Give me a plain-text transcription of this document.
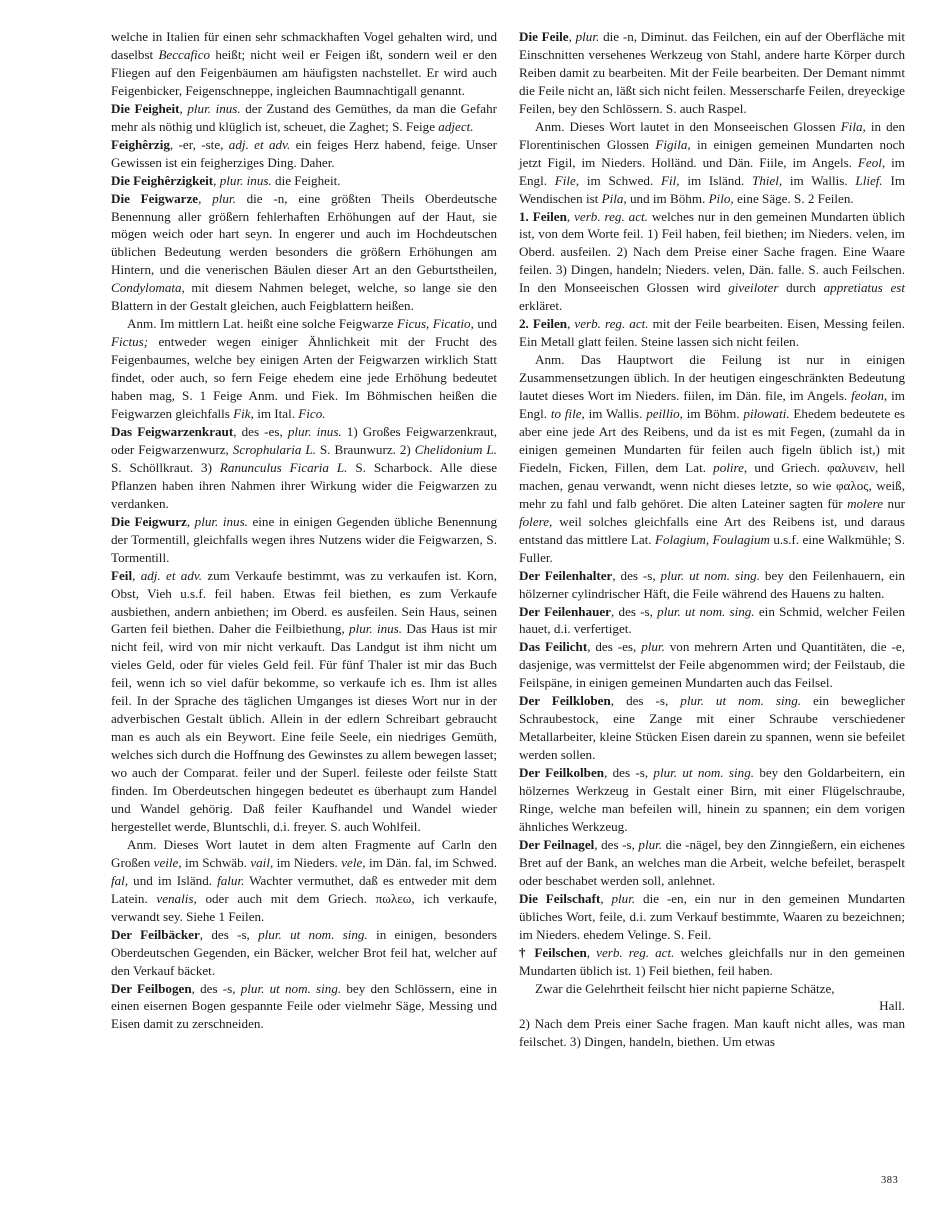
welche in Italien für einen sehr schmackhaften Vogel gehalten wird, und daselbst Beccafico heißt; nicht weil er Feigen ißt, sondern weil er den Fliegen auf den Feigenbäumen am häufigsten nachstellet. Er wird auch Feigenbicker, Feigenschneppe, ingleichen Baumnachtigall genannt.

Die Feigheit, plur. inus. der Zustand des Gemüthes, da man die Gefahr mehr als nöthig und klüglich ist, scheuet, die Zaghet; S. Feige adject.

Feighêrzig, -er, -ste, adj. et adv. ein feiges Herz habend, feige. Unser Gewissen ist ein feigherziges Ding. Daher.

Die Feighêrzigkeit, plur. inus. die Feigheit.

Die Feigwarze, plur. die -n, eine größten Theils Oberdeutsche Benennung aller größern fehlerhaften Erhöhungen auf der Haut, sie mögen weich oder hart seyn. In engerer und auch im Hochdeutschen üblichen Bedeutung werden besonders die größern Erhöhungen am Hintern, und die venerischen Bäulen dieser Art an den Geburtstheilen, Condylomata, mit diesem Nahmen beleget, welche, so lange sie den Blattern in der Gestalt gleichen, auch Feigblattern heißen.

Anm. Im mittlern Lat. heißt eine solche Feigwarze Ficus, Ficatio, und Fictus; entweder wegen einiger Ähnlichkeit mit der Frucht des Feigenbaumes, welche bey einigen Arten der Feigwarzen wirklich Statt findet, oder auch, so fern Feige ehedem eine jede Erhöhung bedeutet haben mag, S. 1 Feige Anm. und Fiek. Im Böhmischen heißen die Feigwarzen gleichfalls Fik, im Ital. Fico.

Das Feigwarzenkraut, des -es, plur. inus. 1) Großes Feigwarzenkraut, oder Feigwarzenwurz, Scrophularia L. S. Braunwurz. 2) Chelidonium L. S. Schöllkraut. 3) Ranunculus Ficaria L. S. Scharbock. Alle diese Pflanzen haben ihren Nahmen ihrer Wirkung wider die Feigwarzen zu verdanken.

Die Feigwurz, plur. inus. eine in einigen Gegenden übliche Benennung der Tormentill, gleichfalls wegen ihres Nutzens wider die Feigwarzen, S. Tormentill.

Feil, adj. et adv. zum Verkaufe bestimmt, was zu verkaufen ist. Korn, Obst, Vieh u.s.f. feil haben. Etwas feil biethen, es zum Verkaufe ausbiethen, andern anbiethen; im Oberd. es ausfeilen. Sein Haus, seinen Garten feil biethen. Daher die Feilbiethung, plur. inus. Das Haus ist mir nicht feil, wird von mir nicht verkauft. Das Landgut ist ihm nicht um vieles Geld, oder für vieles Geld feil. Für fünf Thaler ist mir das Buch feil, wenn ich so viel dafür bekomme, so verkaufe ich es. Ihm ist alles feil. In der Sprache des täglichen Umganges ist dieses Wort nur in der adverbischen Gestalt üblich. Allein in der edlern Schreibart gebraucht man es auch als ein Beywort. Eine feile Seele, ein niedriges Gemüth, welches sich durch die Hoffnung des Gewinstes zu allem bewegen lasset; wo auch der Comparat. feiler und der Superl. feileste oder feilste Statt finden. Im Oberdeutschen hingegen bedeutet es überhaupt zum Handel und Wandel gehörig. Daß feiler Kaufhandel und Wandel wieder hergestellet werde, Bluntschli, d.i. freyer. S. auch Wohlfeil.

Anm. Dieses Wort lautet in dem alten Fragmente auf Carln den Großen veile, im Schwäb. vail, im Nieders. vele, im Dän. fal, im Schwed. fal, und im Isländ. falur. Wachter vermuthet, daß es entweder mit dem Latein. venalis, oder auch mit dem Griech. πωλεω, ich verkaufe, verwandt sey. Siehe 1 Feilen.

Der Feilbäcker, des -s, plur. ut nom. sing. in einigen, besonders Oberdeutschen Gegenden, ein Bäcker, welcher Brot feil hat, welcher auf den Verkauf bäcket.

Der Feilbogen, des -s, plur. ut nom. sing. bey den Schlössern, eine in einen eisernen Bogen gespannte Feile oder vielmehr Säge, Messing und Eisen damit zu zerschneiden.

Die Feile, plur. die -n, Diminut. das Feilchen, ein auf der Oberfläche mit Einschnitten versehenes Werkzeug von Stahl, andere harte Körper durch Reiben damit zu bearbeiten. Mit der Feile bearbeiten. Der Demant nimmt die Feile nicht an, läßt sich nicht feilen. Messerscharfe Feilen, dreyeckige Feilen, bey den Schlössern. S. auch Raspel.

Anm. Dieses Wort lautet in den Monseeischen Glossen Fila, in den Florentinischen Glossen Figila, in einigen gemeinen Mundarten noch jetzt Figil, im Nieders. Holländ. und Dän. Fiile, im Angels. Feol, im Engl. File, im Schwed. Fil, im Isländ. Thiel, im Wallis. Llief. Im Wendischen ist Pila, und im Böhm. Pilo, eine Säge. S. 2 Feilen.

1. Feilen, verb. reg. act. welches nur in den gemeinen Mundarten üblich ist, von dem Worte feil. 1) Feil haben, feil biethen; im Nieders. velen, im Oberd. ausfeilen. 2) Nach dem Preise einer Sache fragen. Eine Waare feilen. 3) Dingen, handeln; Nieders. velen, Dän. falle. S. auch Feilschen. In den Monseeischen Glossen wird giveiloter durch appretiatus est erkläret.

2. Feilen, verb. reg. act. mit der Feile bearbeiten. Eisen, Messing feilen. Ein Metall glatt feilen. Steine lassen sich nicht feilen.

Anm. Das Hauptwort die Feilung ist nur in einigen Zusammensetzungen üblich. In der heutigen eingeschränkten Bedeutung lautet dieses Wort im Nieders. fiilen, im Dän. file, im Angels. feolan, im Engl. to file, im Wallis. peillio, im Böhm. pilowati. Ehedem bedeutete es aber eine jede Art des Reibens, und da ist es mit Fegen, (zumahl da in einigen gemeinen Mundarten für feilen auch figeln üblich ist,) mit Fiedeln, Ficken, Fillen, dem Lat. polire, und Griech. φαλυνειν, hell machen, genau verwandt, wenn nicht dieses letzte, so wie φαλος, weiß, mehr zu fahl und falb gehöret. Die alten Lateiner sagten für molere nur folere, weil solches gleichfalls eine Art des Reibens ist, und daraus entstand das mittlere Lat. Folagium, Foulagium u.s.f. eine Walkmühle; S. Fuller.

Der Feilenhalter, des -s, plur. ut nom. sing. bey den Feilenhauern, ein hölzerner cylindrischer Häft, die Feile während des Hauens zu halten.

Der Feilenhauer, des -s, plur. ut nom. sing. ein Schmid, welcher Feilen hauet, d.i. verfertiget.

Das Feilicht, des -es, plur. von mehrern Arten und Quantitäten, die -e, dasjenige, was vermittelst der Feile abgenommen wird; der Feilstaub, die Feilspäne, in einigen gemeinen Mundarten auch das Feilsel.

Der Feilkloben, des -s, plur. ut nom. sing. ein beweglicher Schraubestock, eine Zange mit einer Schraube verschiedener Metallarbeiter, kleine Stücken Eisen darein zu spannen, wenn sie befeilet werden sollen.

Der Feilkolben, des -s, plur. ut nom. sing. bey den Goldarbeitern, ein hölzernes Werkzeug in Gestalt einer Birn, mit einer Flügelschraube, Ringe, welche man befeilen will, hinein zu spannen; ein dem vorigen ähnliches Werkzeug.

Der Feilnagel, des -s, plur. die -nägel, bey den Zinngießern, ein eichenes Bret auf der Bank, an welches man die Arbeit, welche befeilet, beraspelt oder beschabet werden soll, anlehnet.

Die Feilschaft, plur. die -en, ein nur in den gemeinen Mundarten übliches Wort, feile, d.i. zum Verkauf bestimmte, Waaren zu bezeichnen; im Nieders. ehedem Velinge. S. Feil.

† Feilschen, verb. reg. act. welches gleichfalls nur in den gemeinen Mundarten üblich ist. 1) Feil biethen, feil haben.

Zwar die Gelehrtheit feilscht hier nicht papierne Schätze,

Hall.

2) Nach dem Preis einer Sache fragen. Man kauft nicht alles, was man feilschet. 3) Dingen, handeln, biethen. Um etwas

383
